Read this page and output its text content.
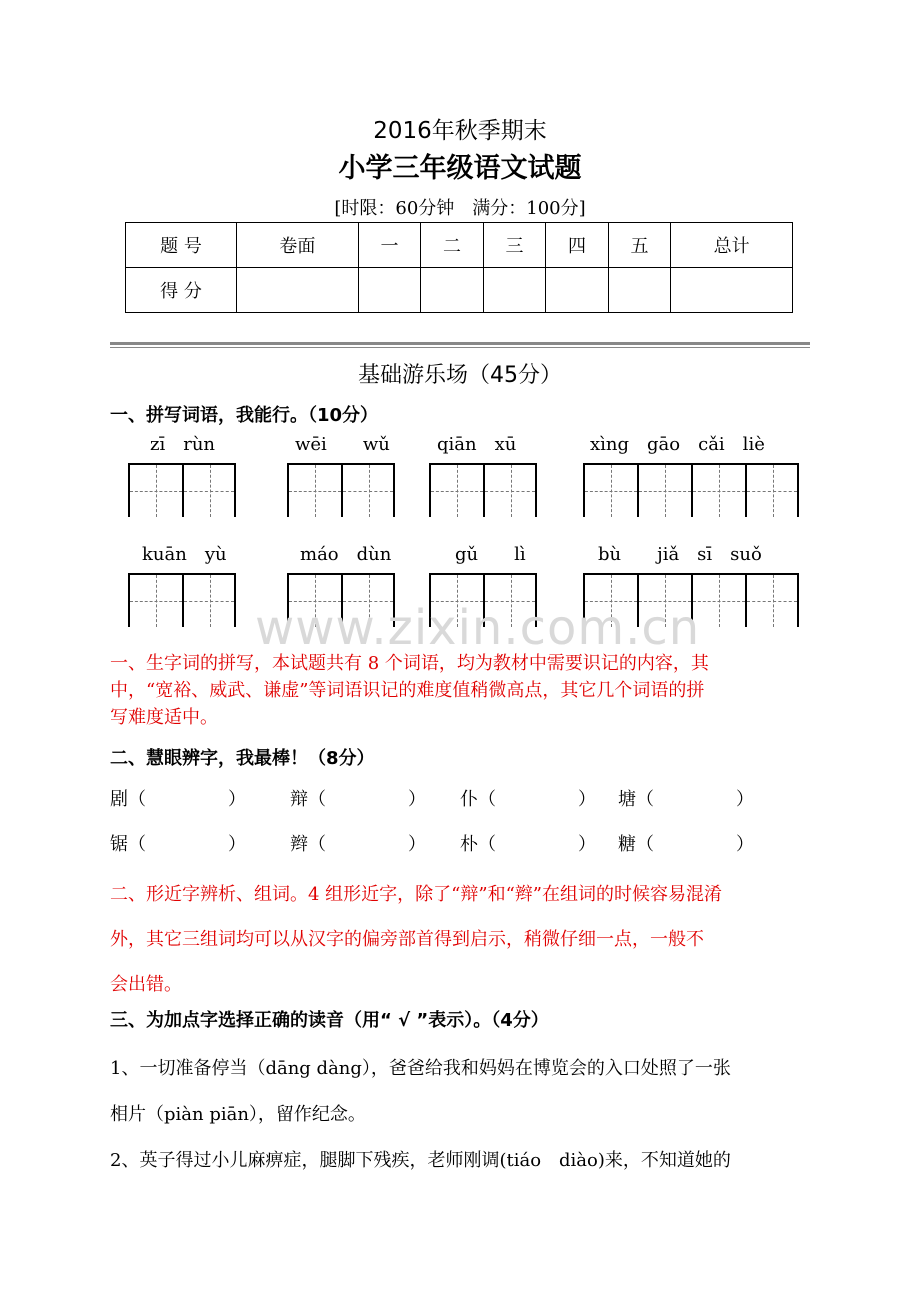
2016年秋季期末
小学三年级语文试题
[时限：60分钟　满分：100分]
题 号	卷面	一	二	三	四	五	总计
得 分							
基础游乐场（45分）
一、拼写词语，我能行。（10分）
zī　rùn	wēi　　wǔ	qiān　xū	xìng　gāo　cǎi　liè
kuān　yù	máo　dùn	gǔ　　lì	bù　　jiǎ　sī　suǒ
www.zixin.com.cn
一、生字词的拼写，本试题共有 8 个词语，均为教材中需要识记的内容，其
中，“宽裕、威武、谦虚”等词语识记的难度值稍微高点，其它几个词语的拼
写难度适中。
二、慧眼辨字，我最棒！（8分）
剧（	） 辩（	） 仆（	） 塘（	）
锯（	） 辫（	） 朴（	） 糖（	）
二、形近字辨析、组词。4 组形近字，除了“辩”和“辫”在组词的时候容易混淆
外，其它三组词均可以从汉字的偏旁部首得到启示，稍微仔细一点，一般不
会出错。
三、为加点字选择正确的读音（用“ √ ”表示）。（4分）
1、一切准备停当（dāng dàng），爸爸给我和妈妈在博览会的入口处照了一张
相片（piàn piān），留作纪念。
2、英子得过小儿麻痹症，腿脚下残疾，老师刚调(tiáo　diào)来，不知道她的
